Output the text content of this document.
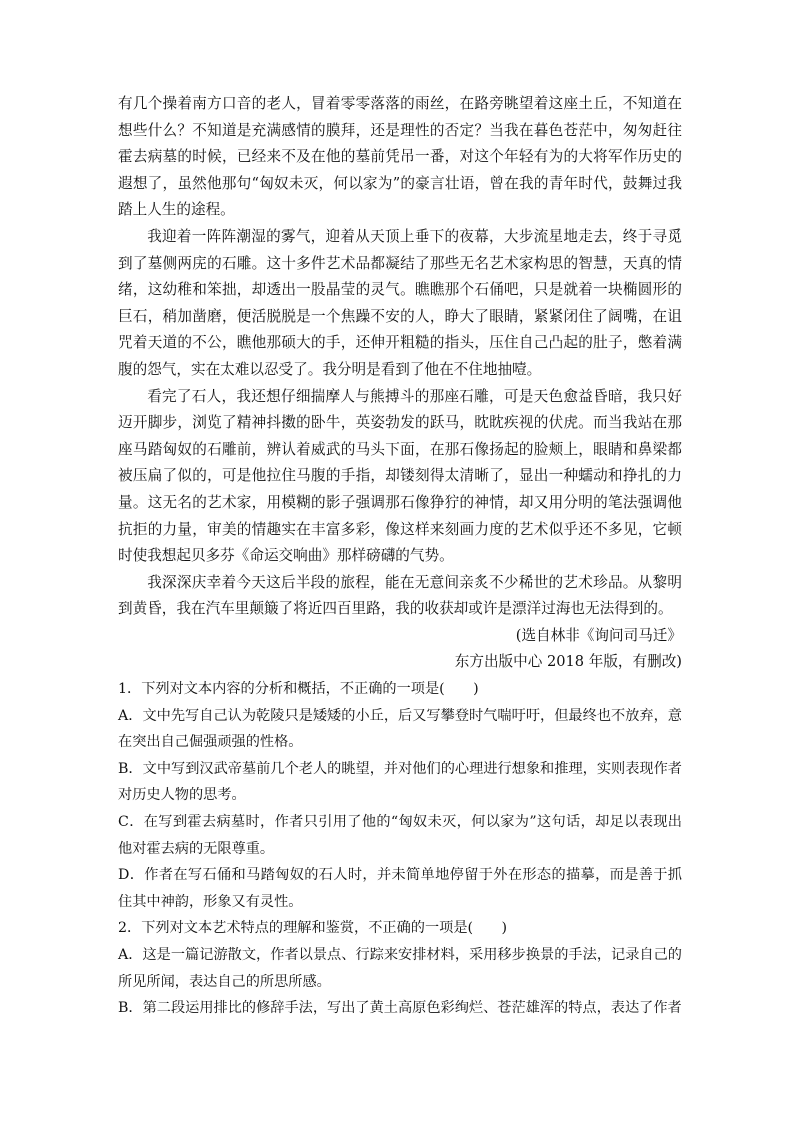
有几个操着南方口音的老人，冒着零零落落的雨丝，在路旁眺望着这座土丘，不知道在想些什么？不知道是充满感情的膜拜，还是理性的否定？当我在暮色苍茫中，匆匆赶往霍去病墓的时候，已经来不及在他的墓前凭吊一番，对这个年轻有为的大将军作历史的遐想了，虽然他那句“匈奴未灭，何以家为”的豪言壮语，曾在我的青年时代，鼓舞过我踏上人生的途程。

我迎着一阵阵潮湿的雾气，迎着从天顶上垂下的夜幕，大步流星地走去，终于寻觅到了墓侧两庑的石雕。这十多件艺术品都凝结了那些无名艺术家构思的智慧，天真的情绪，这幼稚和笨拙，却透出一股晶莹的灵气。瞧瞧那个石俑吧，只是就着一块椭圆形的巨石，稍加凿磨，便活脱脱是一个焦躁不安的人，睁大了眼睛，紧紧闭住了阔嘴，在诅咒着天道的不公，瞧他那硕大的手，还伸开粗糙的指头，压住自己凸起的肚子，憋着满腹的怨气，实在太难以忍受了。我分明是看到了他在不住地抽噎。

看完了石人，我还想仔细揣摩人与熊搏斗的那座石雕，可是天色愈益昏暗，我只好迈开脚步，浏览了精神抖擞的卧牛，英姿勃发的跃马，眈眈疾视的伏虎。而当我站在那座马踏匈奴的石雕前，辨认着威武的马头下面，在那石像扬起的脸颊上，眼睛和鼻梁都被压扁了似的，可是他拉住马腹的手指，却镂刻得太清晰了，显出一种蠕动和挣扎的力量。这无名的艺术家，用模糊的影子强调那石像狰狞的神情，却又用分明的笔法强调他抗拒的力量，审美的情趣实在丰富多彩，像这样来刻画力度的艺术似乎还不多见，它顿时使我想起贝多芬《命运交响曲》那样磅礴的气势。

我深深庆幸着今天这后半段的旅程，能在无意间亲炙不少稀世的艺术珍品。从黎明到黄昏，我在汽车里颠簸了将近四百里路，我的收获却或许是漂洋过海也无法得到的。

(选自林非《询问司马迁》

东方出版中心 2018 年版，有删改)

1．下列对文本内容的分析和概括，不正确的一项是(　　)

A．文中先写自己认为乾陵只是矮矮的小丘，后又写攀登时气喘吁吁，但最终也不放弃，意在突出自己倔强顽强的性格。

B．文中写到汉武帝墓前几个老人的眺望，并对他们的心理进行想象和推理，实则表现作者对历史人物的思考。

C．在写到霍去病墓时，作者只引用了他的“匈奴未灭，何以家为”这句话，却足以表现出他对霍去病的无限尊重。

D．作者在写石俑和马踏匈奴的石人时，并未简单地停留于外在形态的描摹，而是善于抓住其中神韵，形象又有灵性。

2．下列对文本艺术特点的理解和鉴赏，不正确的一项是(　　)

A．这是一篇记游散文，作者以景点、行踪来安排材料，采用移步换景的手法，记录自己的所见所闻，表达自己的所思所感。

B．第二段运用排比的修辞手法，写出了黄土高原色彩绚烂、苍茫雄浑的特点，表达了作者
